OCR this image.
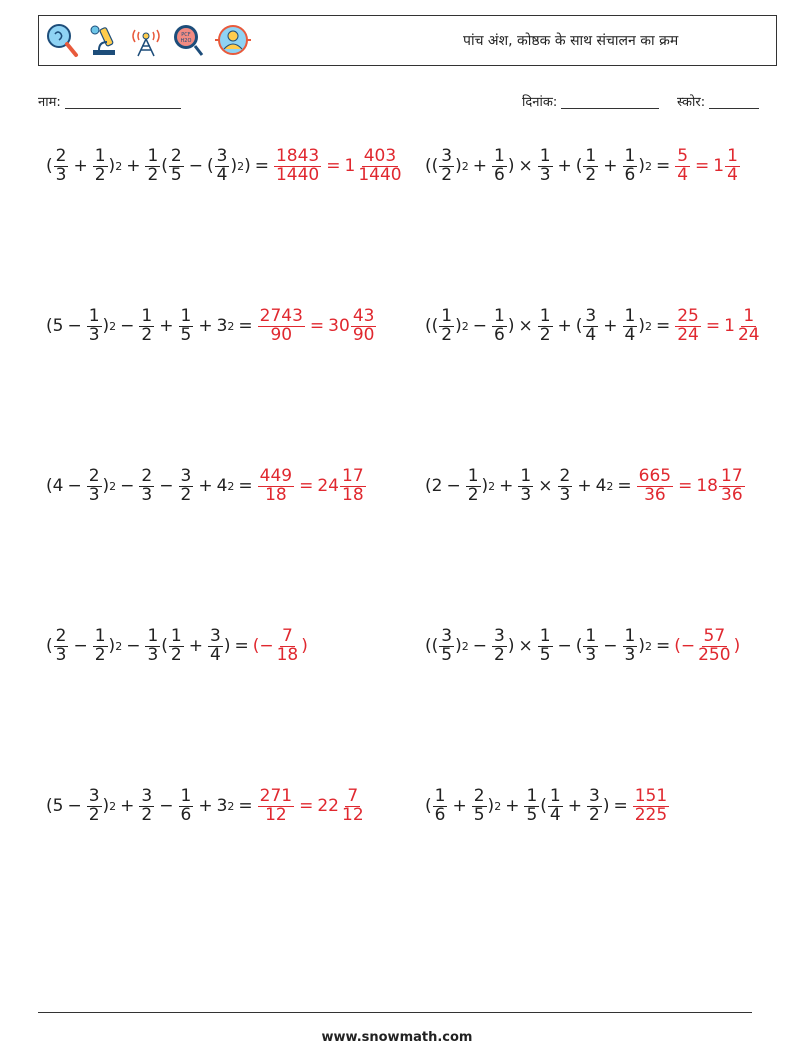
PCF
H2O	पांच अंश, कोष्ठक के साथ संचालन का क्रम
नाम:	दिनांक:	स्कोर:
( $\frac{2}{3} + \frac{1}{2}$ ) $2 + \frac{1}{2}$ ( $\frac{2}{5}$ − ( $\frac{3}{4}$ ) 2 ) = $\frac{1843}{1440} = 1 \frac{403}{1440}$ (( $\frac{3}{2}$ ) $2 + \frac{1}{6}$ ) × $\frac{1}{3}$ + ( $\frac{1}{2} + \frac{1}{6}$ ) $2 = \frac{5}{4} = 1 \frac{1}{4}$
($5 - \frac{1}{3}$ ) $2 - \frac{1}{2} + \frac{1}{5} + 3$ $2 = \frac{2743}{90} = 30 \frac{43}{90}$	(( $\frac{1}{2}$ ) $2 - \frac{1}{6}$ ) × $\frac{1}{2}$ + ( $\frac{3}{4} + \frac{1}{4}$ ) $2 = \frac{25}{24} = 1 \frac{1}{24}$
($4 - \frac{2}{3}$ ) $2 - \frac{2}{3} - \frac{3}{2} + 4$ $2 = \frac{449}{18} = 24 \frac{17}{18}$	($2 - \frac{1}{2}$ ) $2 + \frac{1}{3} \times \frac{2}{3} + 4$ $2 = \frac{665}{36} = 18 \frac{17}{36}$
( $\frac{2}{3} - \frac{1}{2}$ ) $2 - \frac{1}{3}$ ( $\frac{1}{2} + \frac{3}{4}$ ) = (− $\frac{7}{18}$ )	(( $\frac{3}{5}$ ) $2 - \frac{3}{2}$ ) × $\frac{1}{5}$ − ( $\frac{1}{3} - \frac{1}{3}$ ) 2 = (− $\frac{57}{250}$ )
($5 - \frac{3}{2}$ ) $2 + \frac{3}{2} - \frac{1}{6} + 3$ $2 = \frac{271}{12} = 22 \frac{7}{12}$	( $\frac{1}{6} + \frac{2}{5}$ ) $2 + \frac{1}{5}$ ( $\frac{1}{4} + \frac{3}{2}$ ) = $\frac{151}{225}$
www.snowmath.com
